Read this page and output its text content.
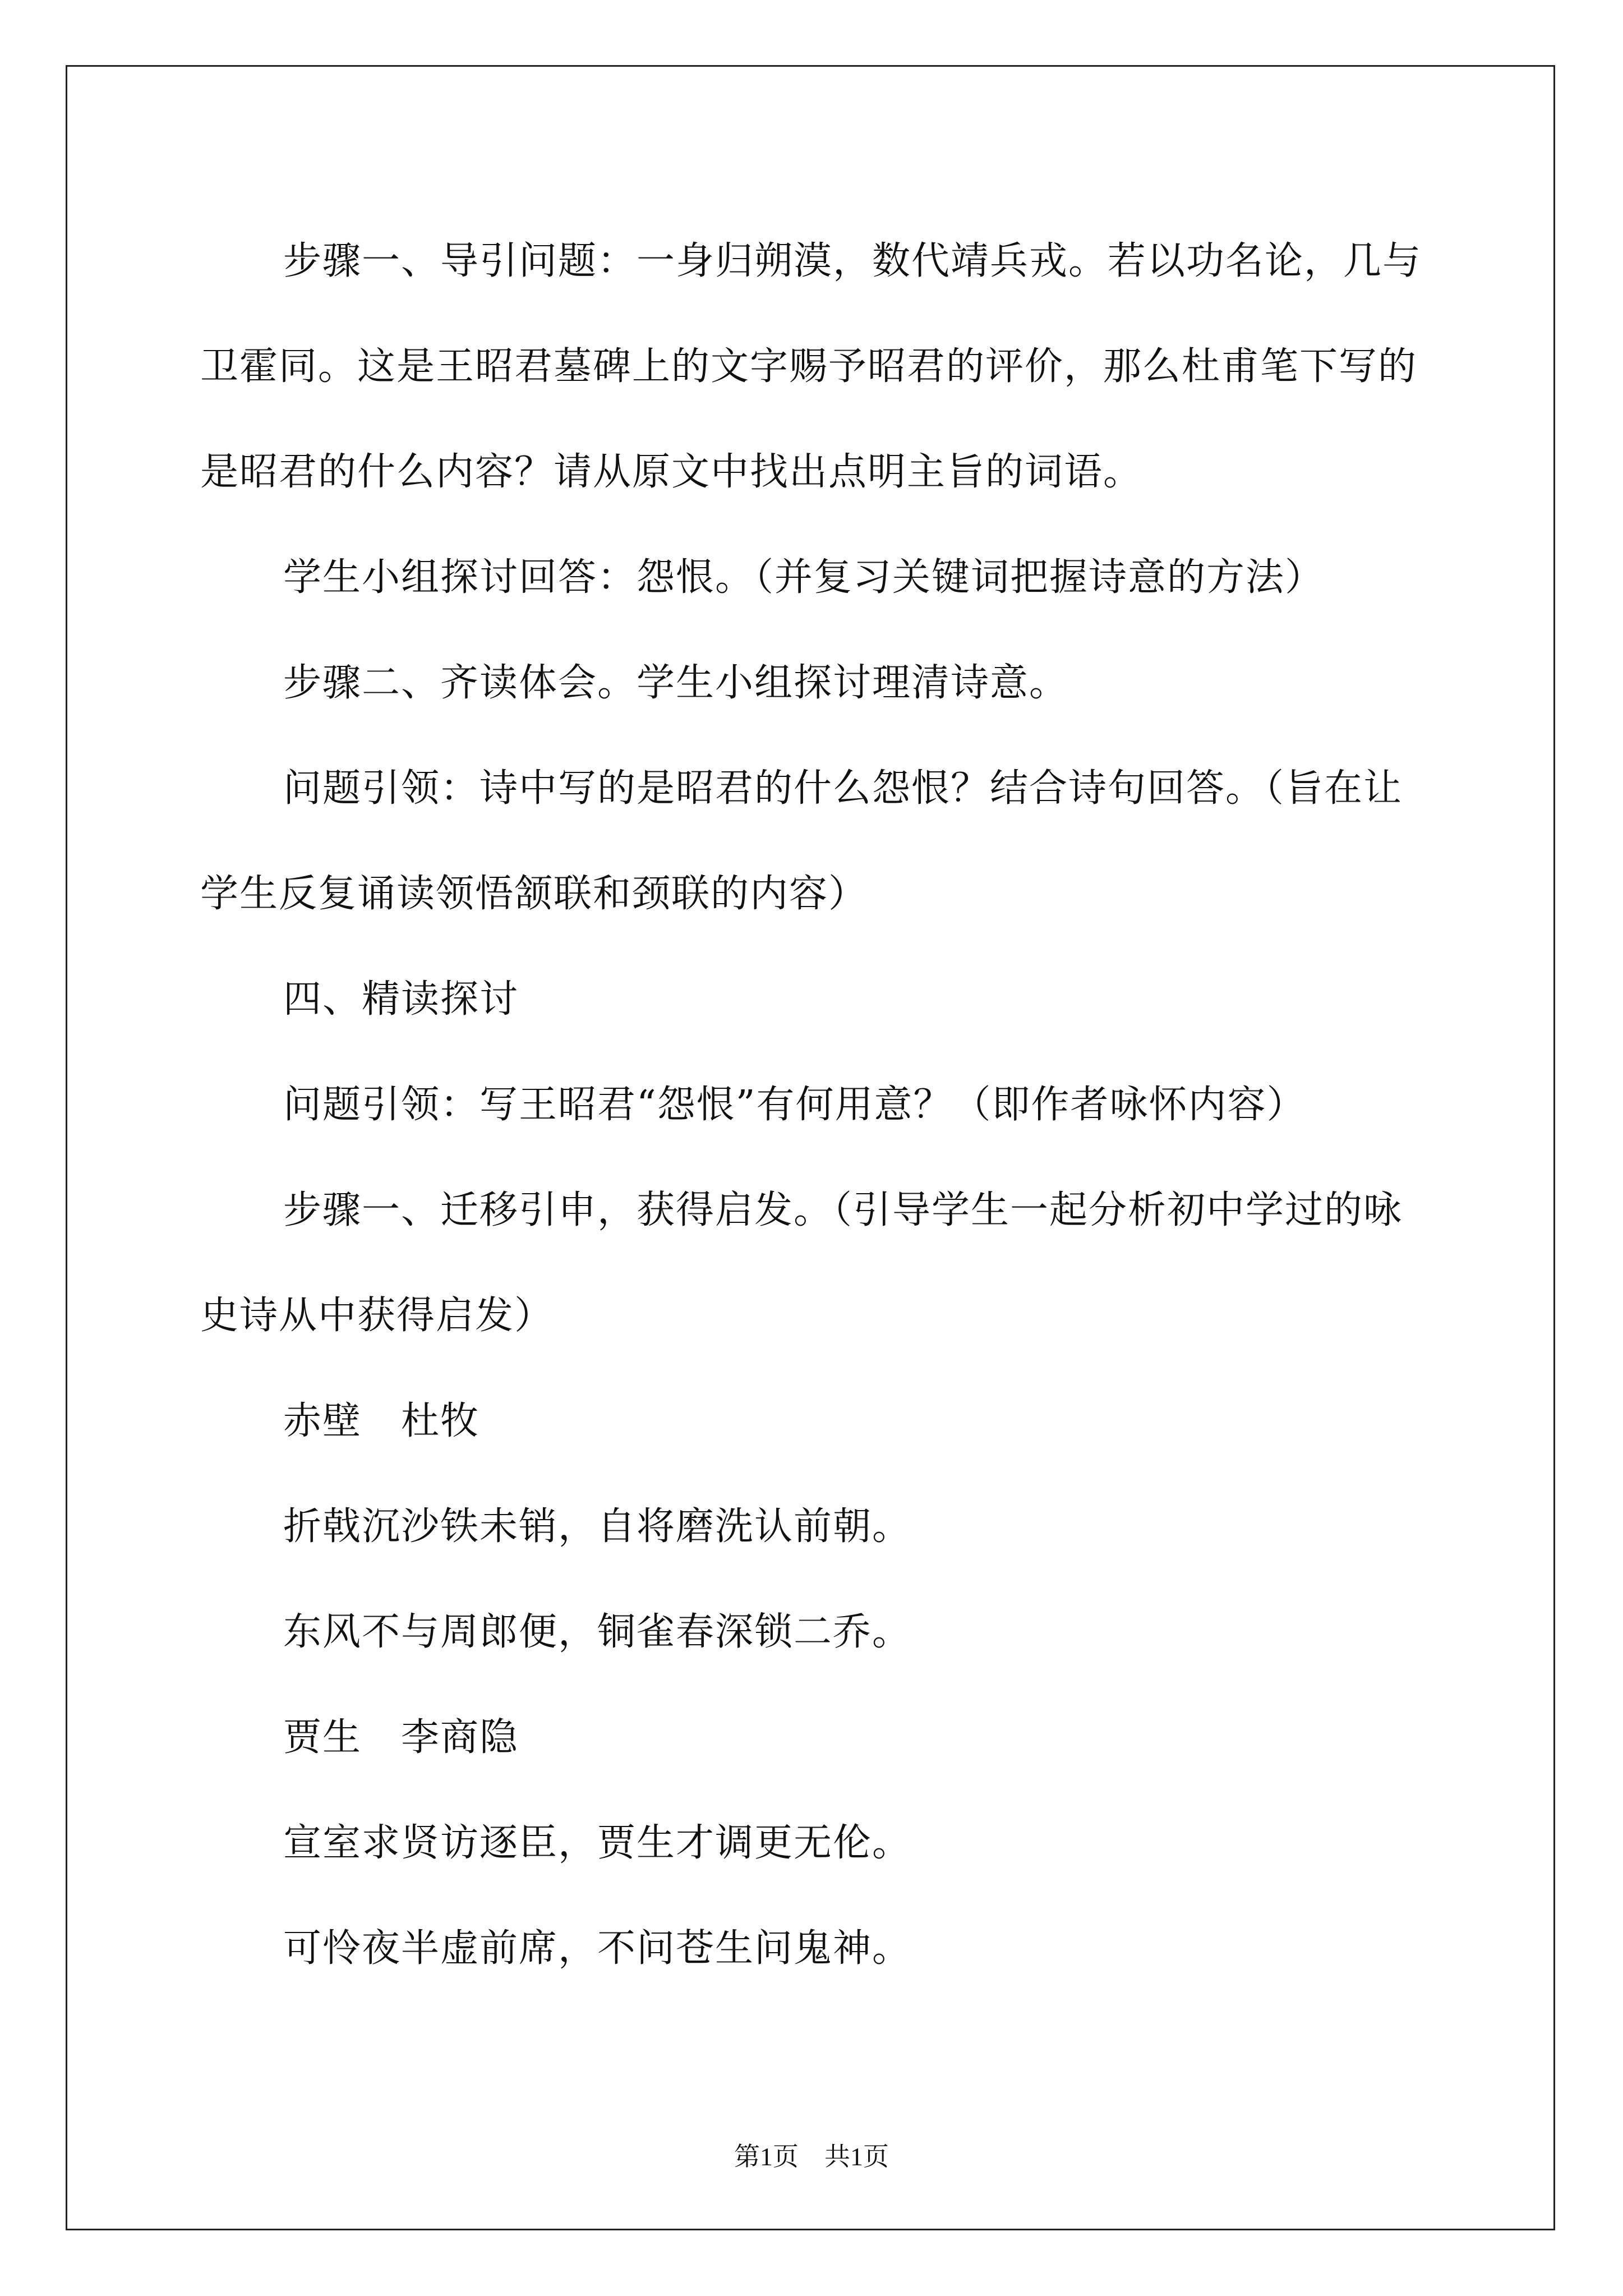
步骤一、导引问题：一身归朔漠，数代靖兵戎。若以功名论，几与卫霍同。这是王昭君墓碑上的文字赐予昭君的评价，那么杜甫笔下写的是昭君的什么内容？请从原文中找出点明主旨的词语。

学生小组探讨回答：怨恨。（并复习关键词把握诗意的方法）

步骤二、齐读体会。学生小组探讨理清诗意。

问题引领：诗中写的是昭君的什么怨恨？结合诗句回答。（旨在让学生反复诵读领悟颔联和颈联的内容）

四、精读探讨

问题引领：写王昭君“怨恨”有何用意？（即作者咏怀内容）

步骤一、迁移引申，获得启发。（引导学生一起分析初中学过的咏史诗从中获得启发）

赤壁　杜牧

折戟沉沙铁未销，自将磨洗认前朝。

东风不与周郎便，铜雀春深锁二乔。

贾生　李商隐

宣室求贤访逐臣，贾生才调更无伦。

可怜夜半虚前席，不问苍生问鬼神。

第1页　共1页
